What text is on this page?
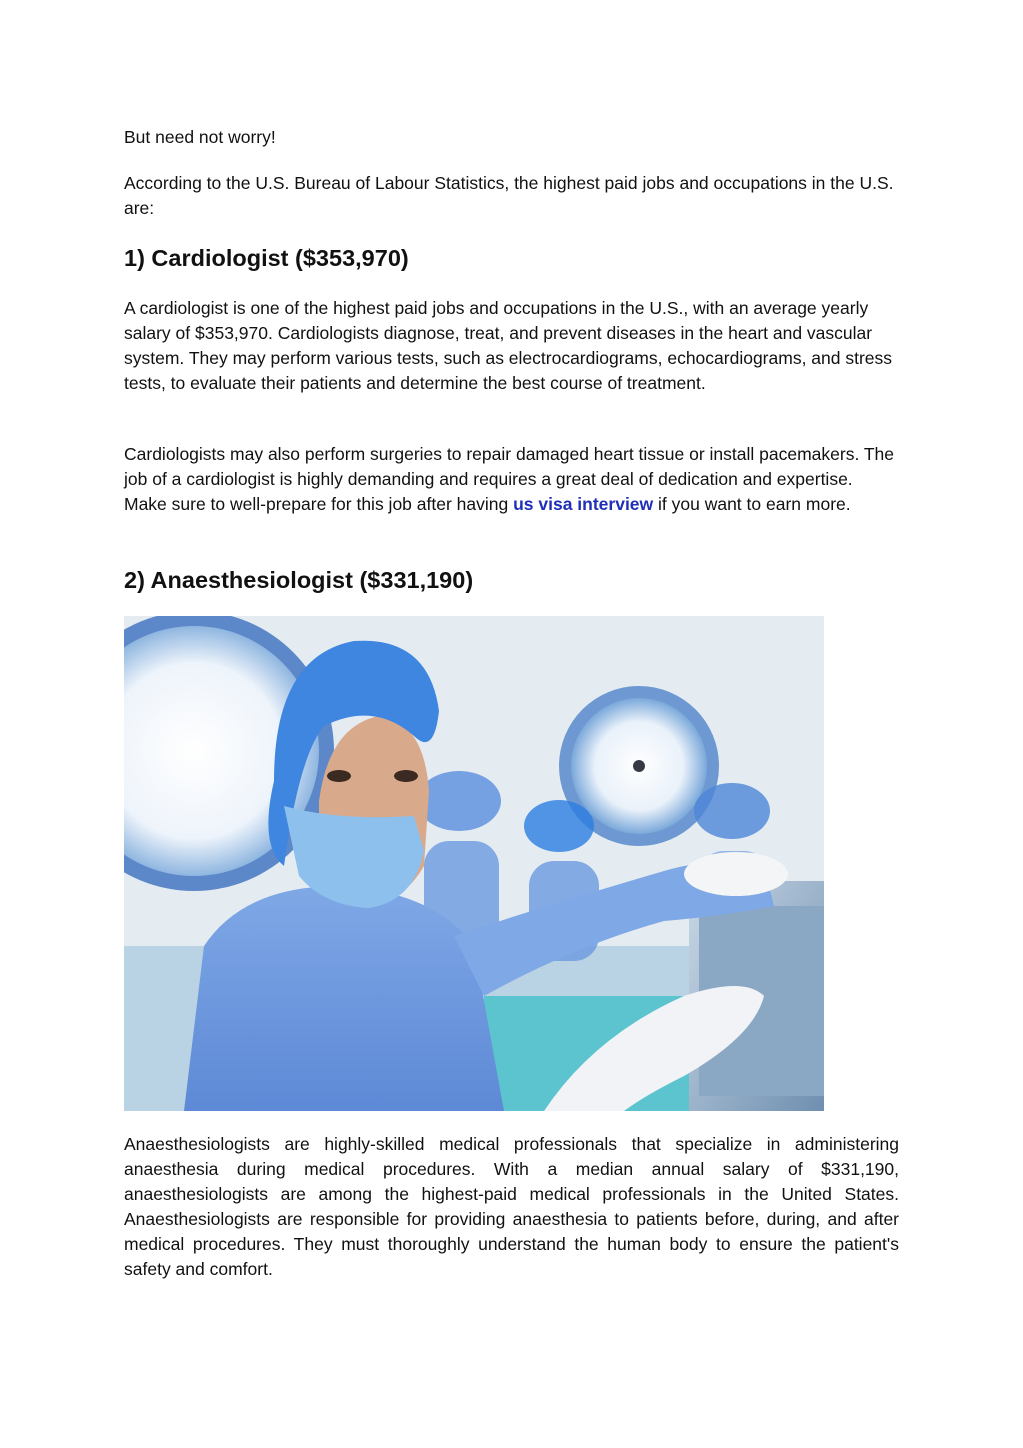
But need not worry!

According to the U.S. Bureau of Labour Statistics, the highest paid jobs and occupations in the U.S. are:

1) Cardiologist ($353,970)

A cardiologist is one of the highest paid jobs and occupations in the U.S., with an average yearly salary of $353,970. Cardiologists diagnose, treat, and prevent diseases in the heart and vascular system. They may perform various tests, such as electrocardiograms, echocardiograms, and stress tests, to evaluate their patients and determine the best course of treatment.

Cardiologists may also perform surgeries to repair damaged heart tissue or install pacemakers. The job of a cardiologist is highly demanding and requires a great deal of dedication and expertise. Make sure to well-prepare for this job after having us visa interview if you want to earn more.

2) Anaesthesiologist ($331,190)

Anaesthesiologists are highly-skilled medical professionals that specialize in administering anaesthesia during medical procedures. With a median annual salary of $331,190, anaesthesiologists are among the highest-paid medical professionals in the United States. Anaesthesiologists are responsible for providing anaesthesia to patients before, during, and after medical procedures. They must thoroughly understand the human body to ensure the patient's safety and comfort.
